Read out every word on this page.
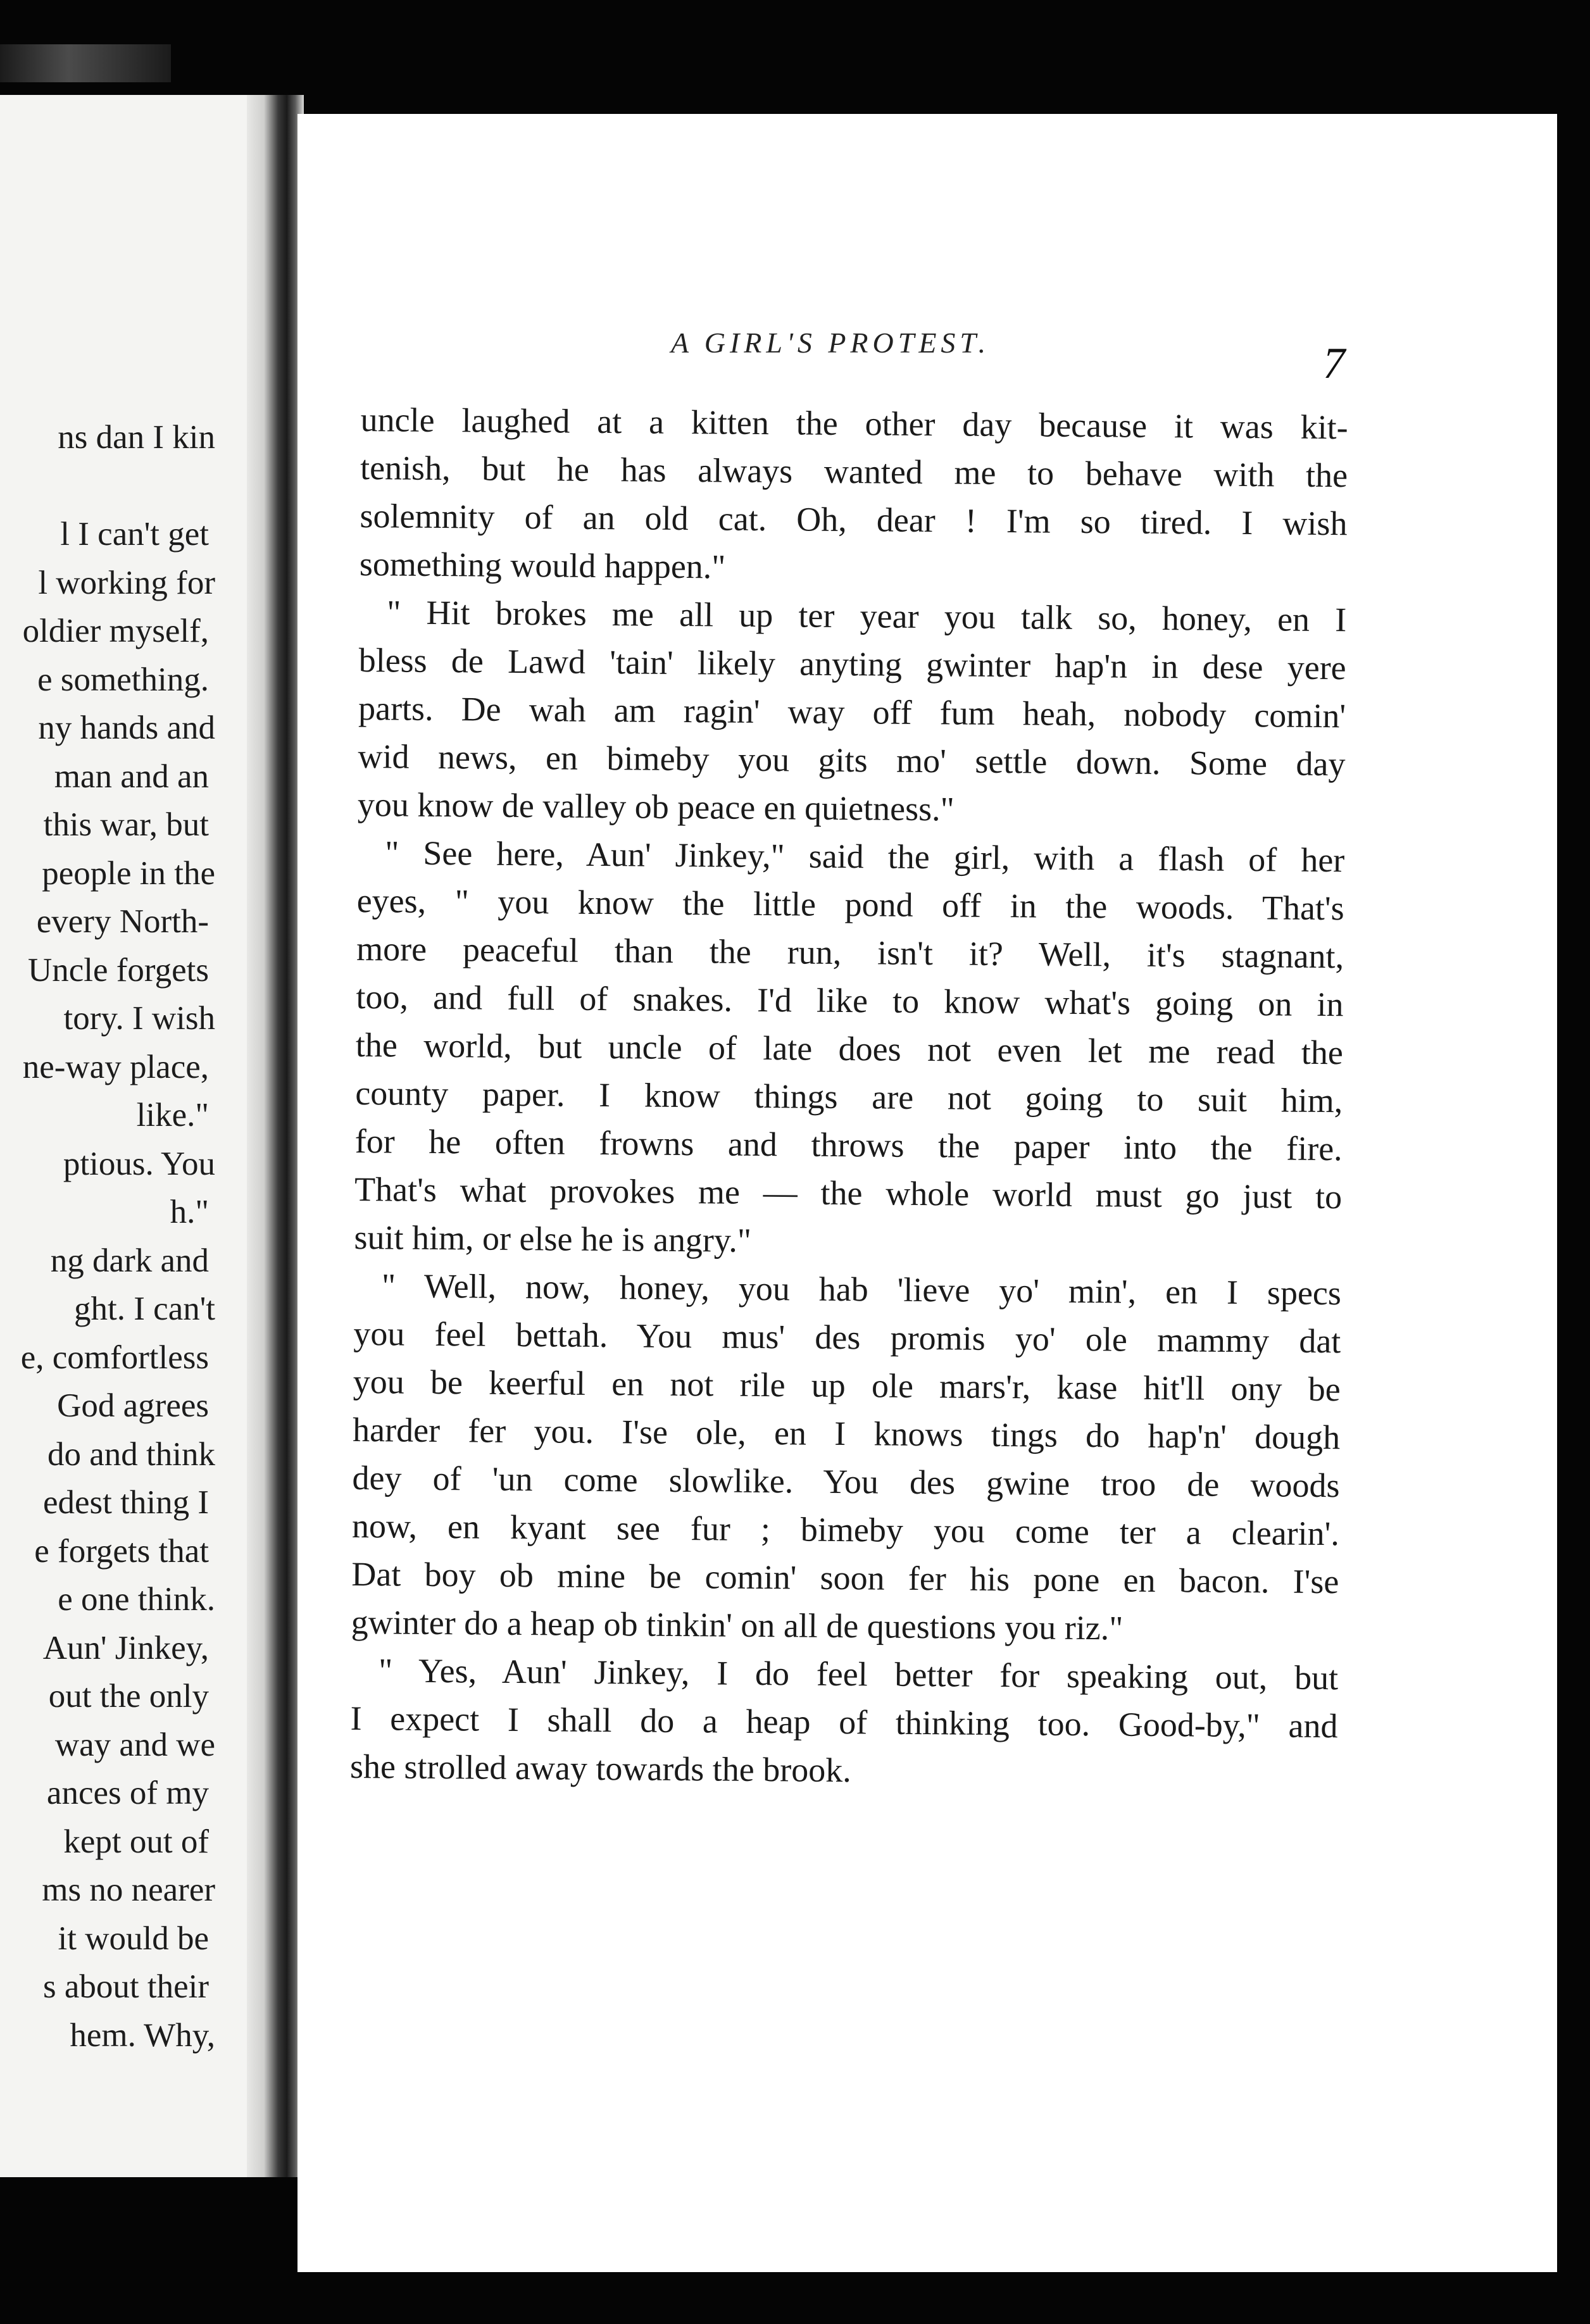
ns dan I kin
l I can't get
l working for
oldier myself,
e something.
ny hands and
man and an
this war, but
people in the
every North-
Uncle forgets
tory. I wish
ne-way place,
like."
ptious. You
h."
ng dark and
ght. I can't
e, comfortless
God agrees
do and think
edest thing I
e forgets that
e one think.
Aun' Jinkey,
out the only
way and we
ances of my
kept out of
ms no nearer
it would be
s about their
hem. Why,
A GIRL'S PROTEST.	7
uncle laughed at a kitten the other day because it was kit-
tenish, but he has always wanted me to behave with the
solemnity of an old cat. Oh, dear ! I'm so tired. I wish
something would happen."
" Hit brokes me all up ter year you talk so, honey, en I
bless de Lawd 'tain' likely anyting gwinter hap'n in dese yere
parts. De wah am ragin' way off fum heah, nobody comin'
wid news, en bimeby you gits mo' settle down. Some day
you know de valley ob peace en quietness."
" See here, Aun' Jinkey," said the girl, with a flash of her
eyes, " you know the little pond off in the woods. That's
more peaceful than the run, isn't it? Well, it's stagnant,
too, and full of snakes. I'd like to know what's going on in
the world, but uncle of late does not even let me read the
county paper. I know things are not going to suit him,
for he often frowns and throws the paper into the fire.
That's what provokes me — the whole world must go just to
suit him, or else he is angry."
" Well, now, honey, you hab 'lieve yo' min', en I specs
you feel bettah. You mus' des promis yo' ole mammy dat
you be keerful en not rile up ole mars'r, kase hit'll ony be
harder fer you. I'se ole, en I knows tings do hap'n' dough
dey of 'un come slowlike. You des gwine troo de woods
now, en kyant see fur ; bimeby you come ter a clearin'.
Dat boy ob mine be comin' soon fer his pone en bacon. I'se
gwinter do a heap ob tinkin' on all de questions you riz."
" Yes, Aun' Jinkey, I do feel better for speaking out, but
I expect I shall do a heap of thinking too. Good-by," and
she strolled away towards the brook.
